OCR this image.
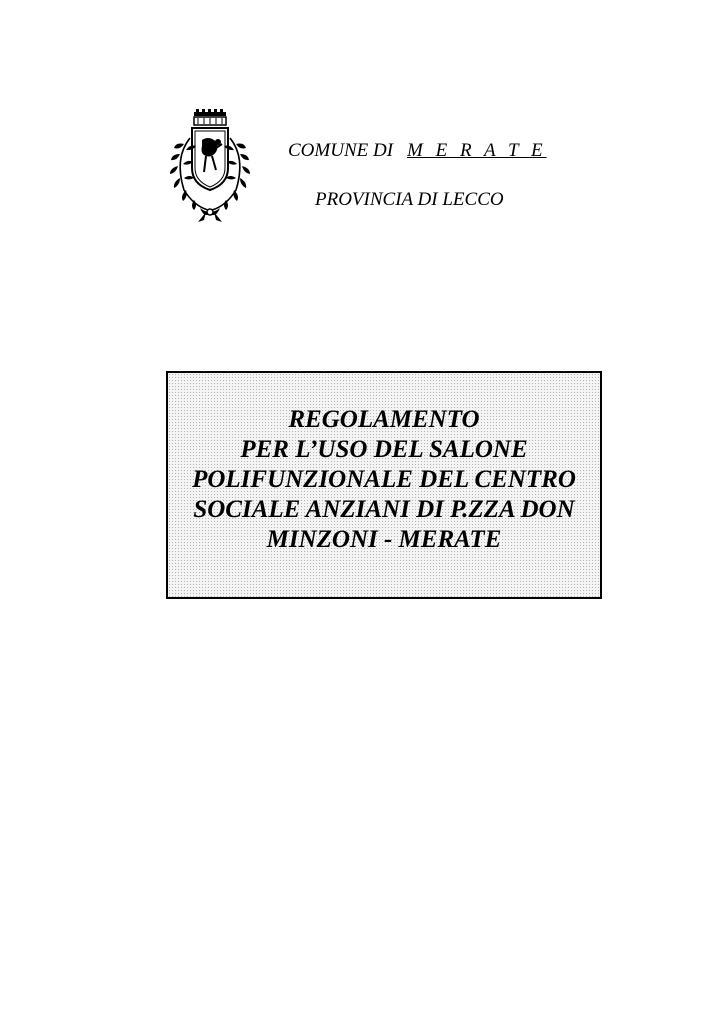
COMUNE DI M E R A T E
PROVINCIA DI LECCO
REGOLAMENTO
PER L’USO DEL SALONE
POLIFUNZIONALE DEL CENTRO
SOCIALE ANZIANI DI P.ZZA DON
MINZONI - MERATE
